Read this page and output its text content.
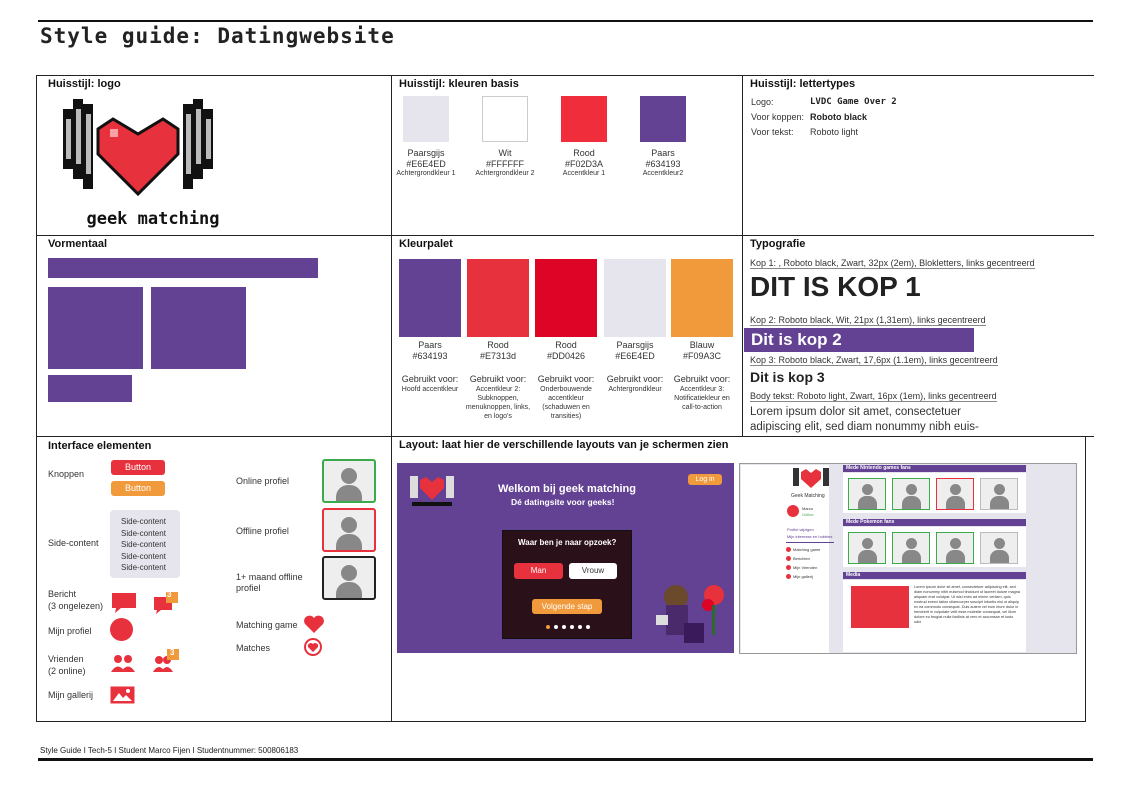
Style guide: Datingwebsite
Style Guide I Tech-5 I Student Marco Fijen I Studentnummer: 500806183
Huisstijl: logo
geek matching
Huisstijl: kleuren basis
Paarsgijs
#E6E4ED
Achtergrondkleur 1
Wit
#FFFFFF
Achtergrondkleur 2
Rood
#F02D3A
Accentkleur 1
Paars
#634193
Accentkleur2
Huisstijl: lettertypes
Logo:	LVDC Game Over 2
Voor koppen: Roboto black
Voor tekst: Roboto light
Vormentaal	Kleurpalet
Paars
#634193
Gebruikt voor:
Hoofd accentkleur
Rood
#E7313d
Gebruikt voor:
Accentkleur 2: Subknoppen, menuknoppen, links, en logo's
Rood
#DD0426
Gebruikt voor:
Onderbouwende accentkleur (schaduwen en transities)
Paarsgijs
#E6E4ED
Gebruikt voor:
Achtergrondkleur
Blauw
#F09A3C
Gebruikt voor:
Accentkleur 3: Notificatiekleur en call-to-action
Typografie
Kop 1: , Roboto black, Zwart, 32px (2em), Blokletters, links gecentreerd
DIT IS KOP 1
Kop 2: Roboto black, Wit, 21px (1,31em), links gecentreerd
Dit is kop 2
Kop 3: Roboto black, Zwart, 17,6px (1.1em), links gecentreerd
Dit is kop 3
Body tekst: Roboto light, Zwart, 16px (1em), links gecentreerd
Lorem ipsum dolor sit amet, consectetuer adipiscing elit, sed diam nonummy nibh euis-
Interface elementen
Knoppen
Button
Button
Side-content
Side-content
Side-content
Side-content
Side-content
Side-content
Bericht
(3 ongelezen)
3
Mijn profiel
Vrienden
(2 online)
3
Mijn gallerij
Online profiel
Offline profiel
1+ maand offline
profiel
Matching game
Matches
Layout: laat hier de verschillende layouts van je schermen zien
Welkom bij geek matching
Dé datingsite voor geeks!
Log in
Waar ben je naar opzoek?
Man	Vrouw
Volgende stap
Geek Matching
Marco
Online
Profiel wijzigen
Mijn interesse en hobbies
Matching game
Berichten
Mijn Vrienden
Mijn gallerij
Mede Nintendo games fans
Mede Pokemon fans
Media
Lorem ipsum dolor sit amet, consectetuer adipiscing elit, sed diam nonummy nibh euismod tincidunt ut laoreet dolore magna aliquam erat volutpat. Ut wisi enim ad minim veniam, quis nostrud exerci tation ullamcorper suscipit lobortis nisl ut aliquip ex ea commodo consequat. Duis autem vel eum iriure dolor in hendrerit in vulputate velit esse molestie consequat, vel illum dolore eu feugiat nulla facilisis at vero et accumsan et iusto odio
